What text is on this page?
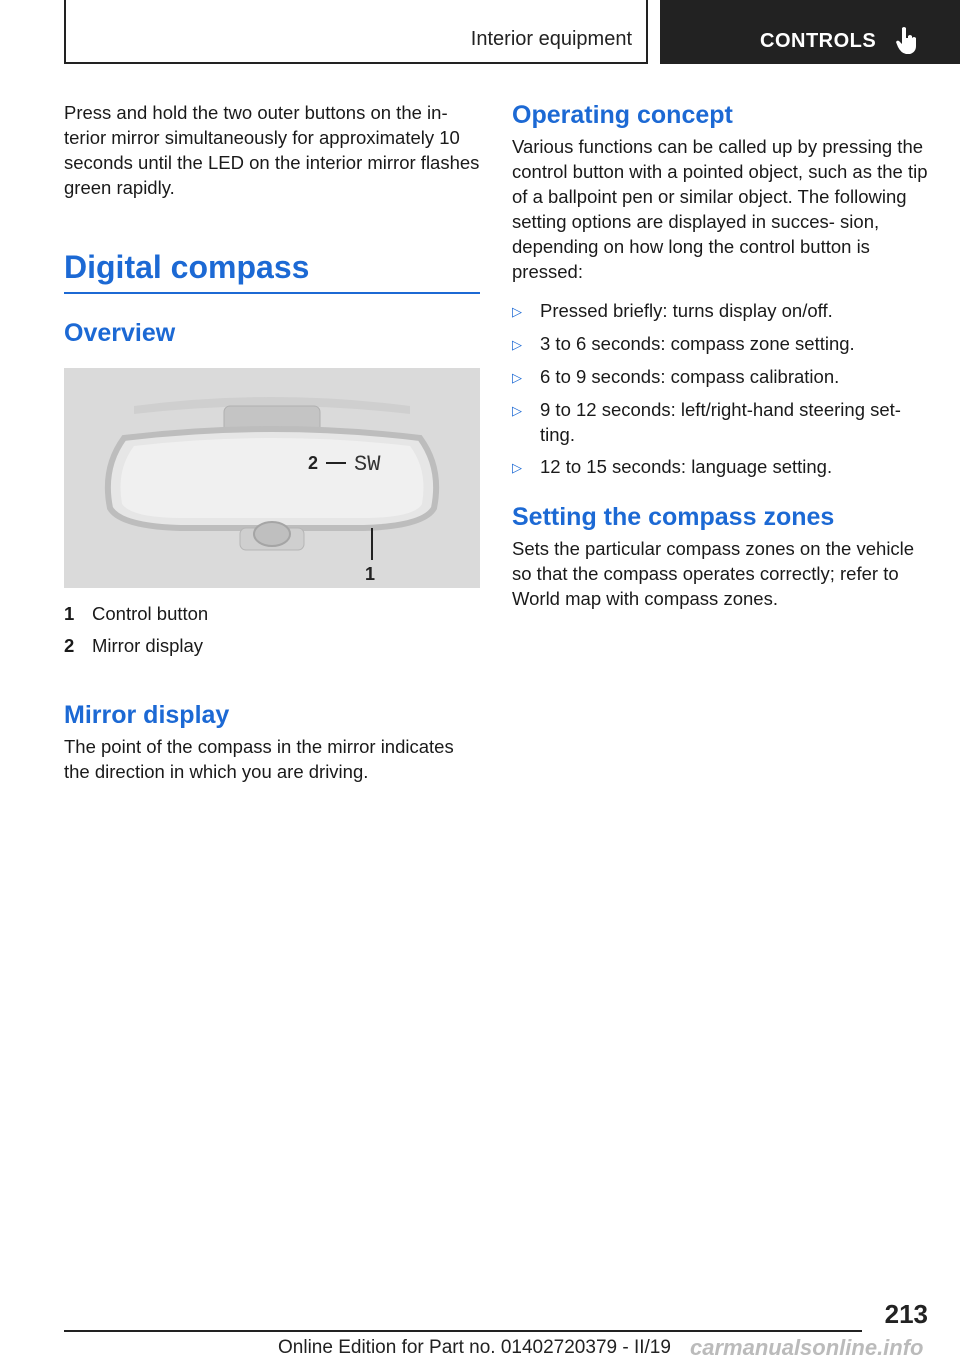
Interior equipment	CONTROLS

Press and hold the two outer buttons on the in- terior mirror simultaneously for approximately 10 seconds until the LED on the interior mirror flashes green rapidly.

Digital compass
Overview
2 SW
1
1 Control button
2 Mirror display
Mirror display

The point of the compass in the mirror indicates the direction in which you are driving.

Operating concept

Various functions can be called up by pressing the control button with a pointed object, such as the tip of a ballpoint pen or similar object. The following setting options are displayed in succes- sion, depending on how long the control button is pressed:

▷ Pressed briefly: turns display on/off.
▷ 3 to 6 seconds: compass zone setting.
▷ 6 to 9 seconds: compass calibration.
▷ 9 to 12 seconds: left/right-hand steering set- ting.
▷ 12 to 15 seconds: language setting.
Setting the compass zones

Sets the particular compass zones on the vehicle so that the compass operates correctly; refer to World map with compass zones.

213
Online Edition for Part no. 01402720379 - II/19 carmanualsonline.info
